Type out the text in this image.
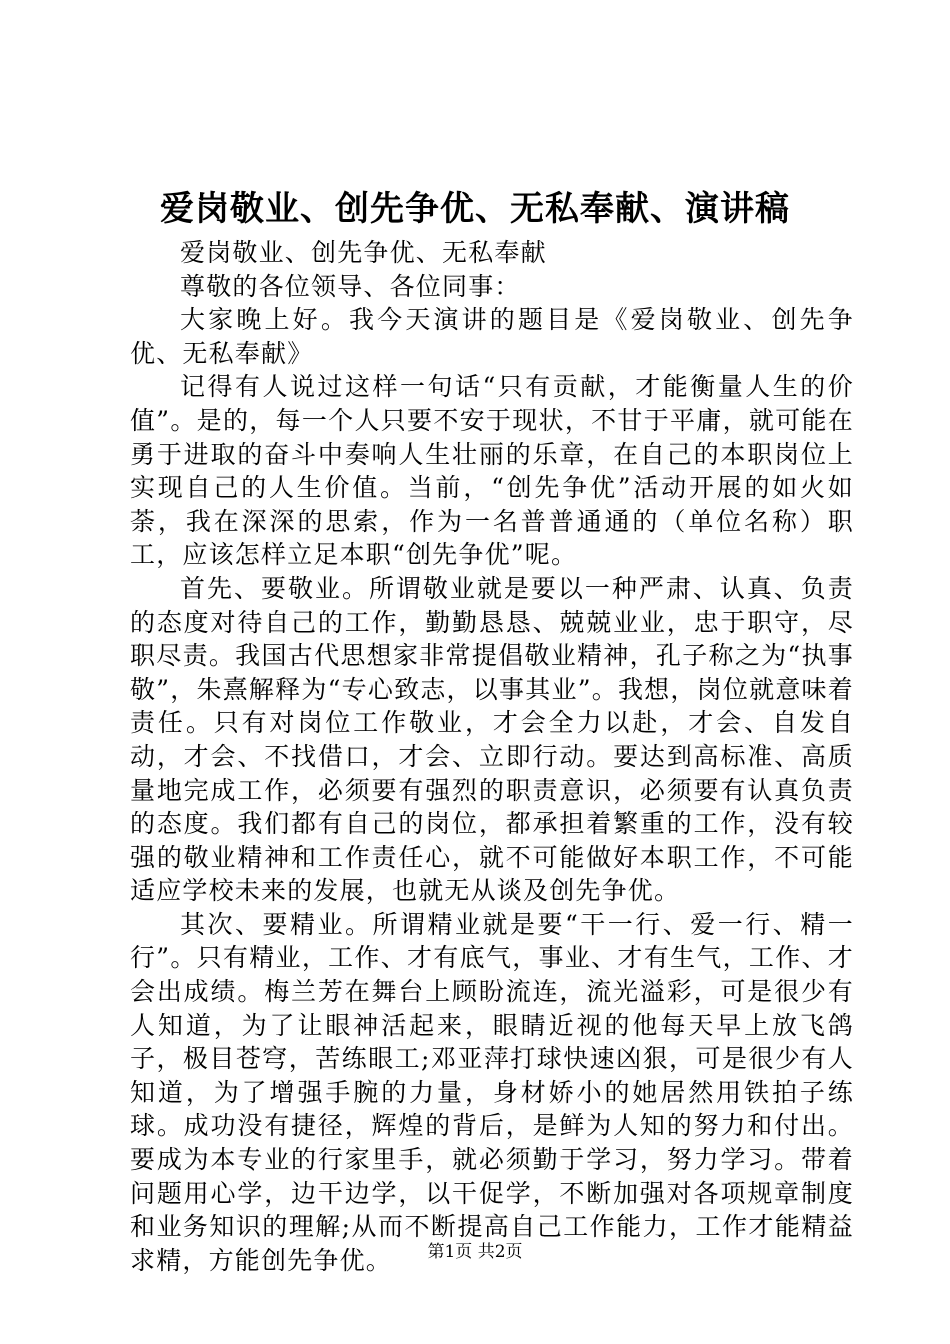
爱岗敬业、创先争优、无私奉献、演讲稿

爱岗敬业、创先争优、无私奉献

尊敬的各位领导、各位同事：

大家晚上好。我今天演讲的题目是《爱岗敬业、创先争优、无私奉献》

记得有人说过这样一句话“只有贡献，才能衡量人生的价值”。是的，每一个人只要不安于现状，不甘于平庸，就可能在勇于进取的奋斗中奏响人生壮丽的乐章，在自己的本职岗位上实现自己的人生价值。当前，“创先争优”活动开展的如火如荼，我在深深的思索，作为一名普普通通的（单位名称）职工，应该怎样立足本职“创先争优”呢。

首先、要敬业。所谓敬业就是要以一种严肃、认真、负责的态度对待自己的工作，勤勤恳恳、兢兢业业，忠于职守，尽职尽责。我国古代思想家非常提倡敬业精神，孔子称之为“执事敬”，朱熹解释为“专心致志，以事其业”。我想，岗位就意味着责任。只有对岗位工作敬业，才会全力以赴，才会、自发自动，才会、不找借口，才会、立即行动。要达到高标准、高质量地完成工作，必须要有强烈的职责意识，必须要有认真负责的态度。我们都有自己的岗位，都承担着繁重的工作，没有较强的敬业精神和工作责任心，就不可能做好本职工作，不可能适应学校未来的发展，也就无从谈及创先争优。

其次、要精业。所谓精业就是要“干一行、爱一行、精一行”。只有精业，工作、才有底气，事业、才有生气，工作、才会出成绩。梅兰芳在舞台上顾盼流连，流光溢彩，可是很少有人知道，为了让眼神活起来，眼睛近视的他每天早上放飞鸽子，极目苍穹，苦练眼工;邓亚萍打球快速凶狠，可是很少有人知道，为了增强手腕的力量，身材娇小的她居然用铁拍子练球。成功没有捷径，辉煌的背后，是鲜为人知的努力和付出。要成为本专业的行家里手，就必须勤于学习，努力学习。带着问题用心学，边干边学，以干促学，不断加强对各项规章制度和业务知识的理解;从而不断提高自己工作能力，工作才能精益求精，方能创先争优。	第1页 共2页
